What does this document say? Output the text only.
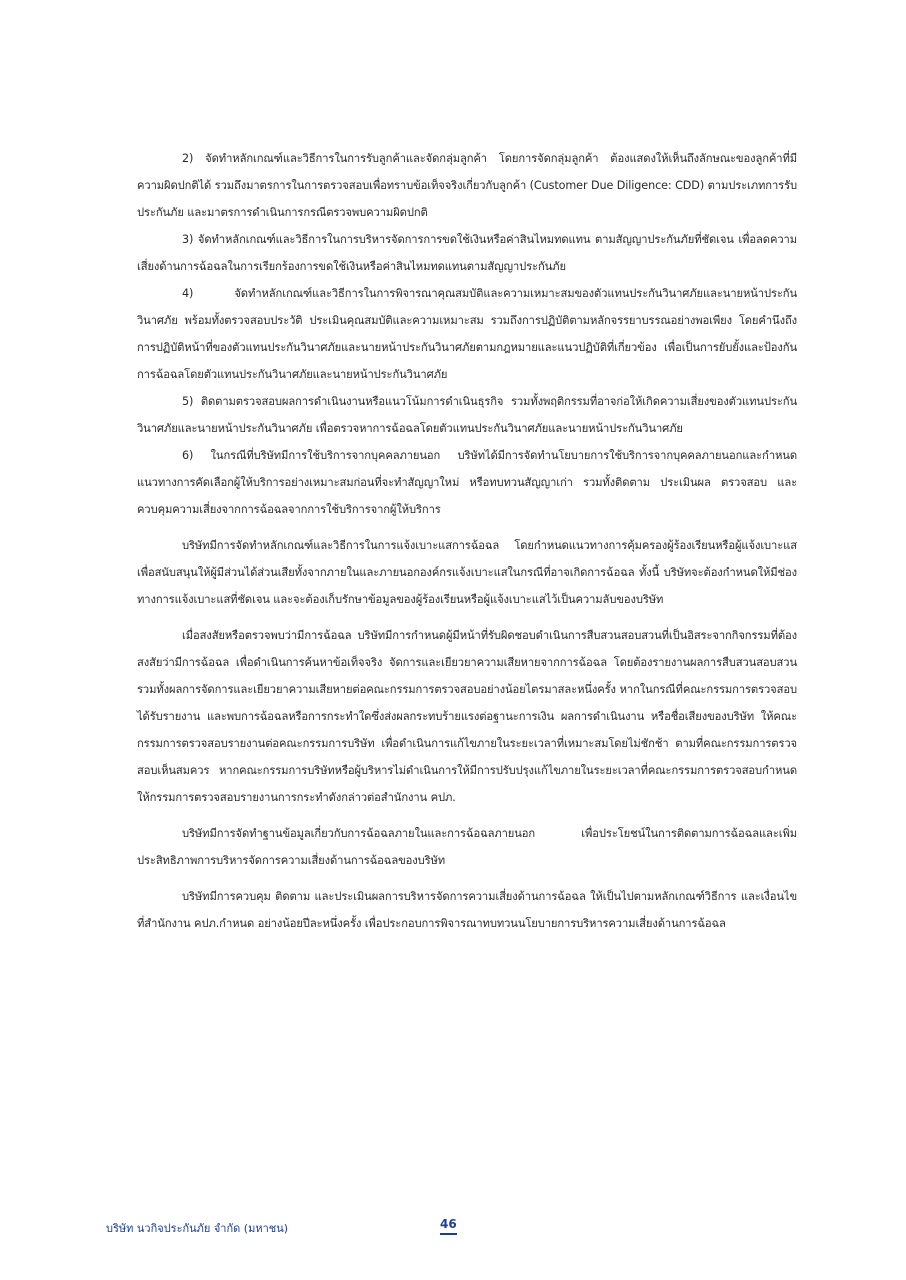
2) จัดทำหลักเกณฑ์และวิธีการในการรับลูกค้าและจัดกลุ่มลูกค้า โดยการจัดกลุ่มลูกค้า ต้องแสดงให้เห็นถึงลักษณะของลูกค้าที่มีความผิดปกติได้ รวมถึงมาตรการในการตรวจสอบเพื่อทราบข้อเท็จจริงเกี่ยวกับลูกค้า (Customer Due Diligence: CDD) ตามประเภทการรับประกันภัย และมาตรการดำเนินการกรณีตรวจพบความผิดปกติ

3) จัดทำหลักเกณฑ์และวิธีการในการบริหารจัดการการขดใช้เงินหรือค่าสินไหมทดแทน ตามสัญญาประกันภัยที่ชัดเจน เพื่อลดความเสี่ยงด้านการฉ้อฉลในการเรียกร้องการขดใช้เงินหรือค่าสินไหมทดแทนตามสัญญาประกันภัย

4) จัดทำหลักเกณฑ์และวิธีการในการพิจารณาคุณสมบัติและความเหมาะสมของตัวแทนประกันวินาศภัยและนายหน้าประกันวินาศภัย พร้อมทั้งตรวจสอบประวัติ ประเมินคุณสมบัติและความเหมาะสม รวมถึงการปฏิบัติตามหลักจรรยาบรรณอย่างพอเพียง โดยคำนึงถึงการปฏิบัติหน้าที่ของตัวแทนประกันวินาศภัยและนายหน้าประกันวินาศภัยตามกฎหมายและแนวปฏิบัติที่เกี่ยวข้อง เพื่อเป็นการยับยั้งและป้องกันการฉ้อฉลโดยตัวแทนประกันวินาศภัยและนายหน้าประกันวินาศภัย

5) ติดตามตรวจสอบผลการดำเนินงานหรือแนวโน้มการดำเนินธุรกิจ รวมทั้งพฤติกรรมที่อาจก่อให้เกิดความเสี่ยงของตัวแทนประกันวินาศภัยและนายหน้าประกันวินาศภัย เพื่อตรวจหาการฉ้อฉลโดยตัวแทนประกันวินาศภัยและนายหน้าประกันวินาศภัย

6) ในกรณีที่บริษัทมีการใช้บริการจากบุคคลภายนอก บริษัทได้มีการจัดทำนโยบายการใช้บริการจากบุคคลภายนอกและกำหนดแนวทางการคัดเลือกผู้ให้บริการอย่างเหมาะสมก่อนที่จะทำสัญญาใหม่ หรือทบทวนสัญญาเก่า รวมทั้งติดตาม ประเมินผล ตรวจสอบ และควบคุมความเสี่ยงจากการฉ้อฉลจากการใช้บริการจากผู้ให้บริการ

บริษัทมีการจัดทำหลักเกณฑ์และวิธีการในการแจ้งเบาะแสการฉ้อฉล โดยกำหนดแนวทางการคุ้มครองผู้ร้องเรียนหรือผู้แจ้งเบาะแส เพื่อสนับสนุนให้ผู้มีส่วนได้ส่วนเสียทั้งจากภายในและภายนอกองค์กรแจ้งเบาะแสในกรณีที่อาจเกิดการฉ้อฉล ทั้งนี้ บริษัทจะต้องกำหนดให้มีช่องทางการแจ้งเบาะแสที่ชัดเจน และจะต้องเก็บรักษาข้อมูลของผู้ร้องเรียนหรือผู้แจ้งเบาะแสไว้เป็นความลับของบริษัท

เมื่อสงสัยหรือตรวจพบว่ามีการฉ้อฉล บริษัทมีการกำหนดผู้มีหน้าที่รับผิดชอบดำเนินการสืบสวนสอบสวนที่เป็นอิสระจากกิจกรรมที่ต้องสงสัยว่ามีการฉ้อฉล เพื่อดำเนินการค้นหาข้อเท็จจริง จัดการและเยียวยาความเสียหายจากการฉ้อฉล โดยต้องรายงานผลการสืบสวนสอบสวน รวมทั้งผลการจัดการและเยียวยาความเสียหายต่อคณะกรรมการตรวจสอบอย่างน้อยไตรมาสละหนึ่งครั้ง หากในกรณีที่คณะกรรมการตรวจสอบได้รับรายงาน และพบการฉ้อฉลหรือการกระทำใดซึ่งส่งผลกระทบร้ายแรงต่อฐานะการเงิน ผลการดำเนินงาน หรือชื่อเสียงของบริษัท ให้คณะกรรมการตรวจสอบรายงานต่อคณะกรรมการบริษัท เพื่อดำเนินการแก้ไขภายในระยะเวลาที่เหมาะสมโดยไม่ชักช้า ตามที่คณะกรรมการตรวจสอบเห็นสมควร หากคณะกรรมการบริษัทหรือผู้บริหารไม่ดำเนินการให้มีการปรับปรุงแก้ไขภายในระยะเวลาที่คณะกรรมการตรวจสอบกำหนด ให้กรรมการตรวจสอบรายงานการกระทำดังกล่าวต่อสำนักงาน คปภ.

บริษัทมีการจัดทำฐานข้อมูลเกี่ยวกับการฉ้อฉลภายในและการฉ้อฉลภายนอก เพื่อประโยชน์ในการติดตามการฉ้อฉลและเพิ่มประสิทธิภาพการบริหารจัดการความเสี่ยงด้านการฉ้อฉลของบริษัท

บริษัทมีการควบคุม ติดตาม และประเมินผลการบริหารจัดการความเสี่ยงด้านการฉ้อฉล ให้เป็นไปตามหลักเกณฑ์วิธีการ และเงื่อนไขที่สำนักงาน คปภ.กำหนด อย่างน้อยปีละหนึ่งครั้ง เพื่อประกอบการพิจารณาทบทวนนโยบายการบริหารความเสี่ยงด้านการฉ้อฉล

บริษัท นวกิจประกันภัย จำกัด (มหาชน)	46
